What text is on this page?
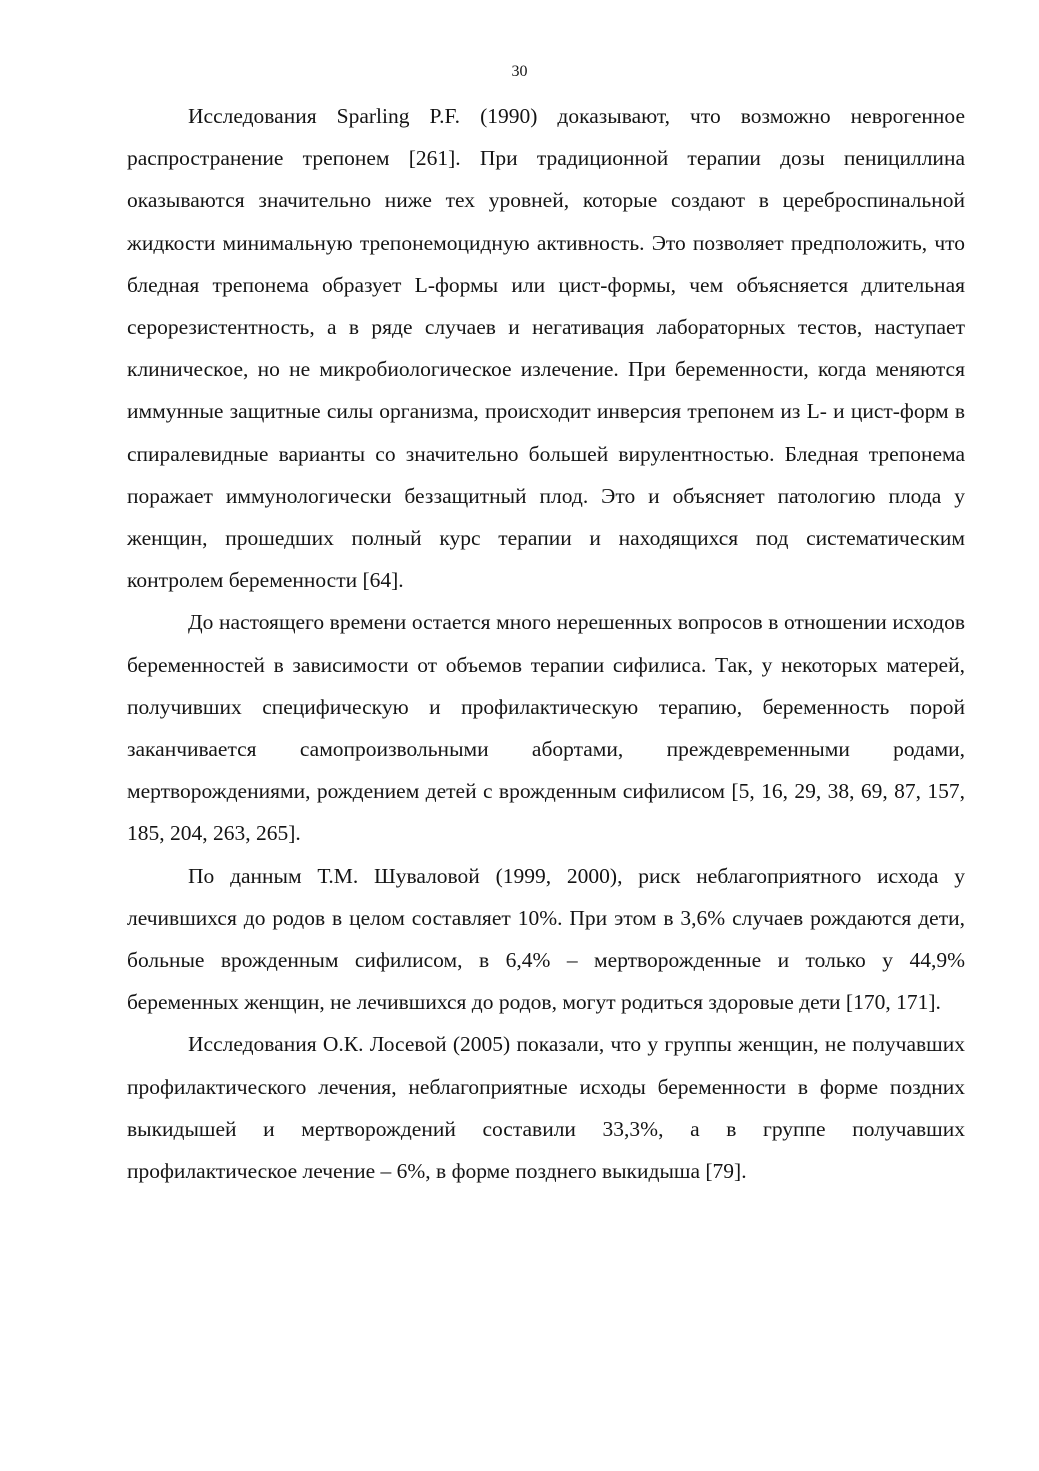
30

Исследования Sparling P.F. (1990) доказывают, что возможно неврогенное распространение трепонем [261]. При традиционной терапии дозы пенициллина оказываются значительно ниже тех уровней, которые создают в цереброспинальной жидкости минимальную трепонемоцидную активность. Это позволяет предположить, что бледная трепонема образует L-формы или цист-формы, чем объясняется длительная серорезистентность, а в ряде случаев и негативация лабораторных тестов, наступает клиническое, но не микробиологическое излечение. При беременности, когда меняются иммунные защитные силы организма, происходит инверсия трепонем из L- и цист-форм в спиралевидные варианты со значительно большей вирулентностью. Бледная трепонема поражает иммунологически беззащитный плод. Это и объясняет патологию плода у женщин, прошедших полный курс терапии и находящихся под систематическим контролем беременности [64].

До настоящего времени остается много нерешенных вопросов в отношении исходов беременностей в зависимости от объемов терапии сифилиса. Так, у некоторых матерей, получивших специфическую и профилактическую терапию, беременность порой заканчивается самопроизвольными абортами, преждевременными родами, мертворождениями, рождением детей с врожденным сифилисом [5, 16, 29, 38, 69, 87, 157, 185, 204, 263, 265].

По данным Т.М. Шуваловой (1999, 2000), риск неблагоприятного исхода у лечившихся до родов в целом составляет 10%. При этом в 3,6% случаев рождаются дети, больные врожденным сифилисом, в 6,4% – мертворожденные и только у 44,9% беременных женщин, не лечившихся до родов, могут родиться здоровые дети [170, 171].

Исследования О.К. Лосевой (2005) показали, что у группы женщин, не получавших профилактического лечения, неблагоприятные исходы беременности в форме поздних выкидышей и мертворождений составили 33,3%, а в группе получавших профилактическое лечение – 6%, в форме позднего выкидыша [79].
